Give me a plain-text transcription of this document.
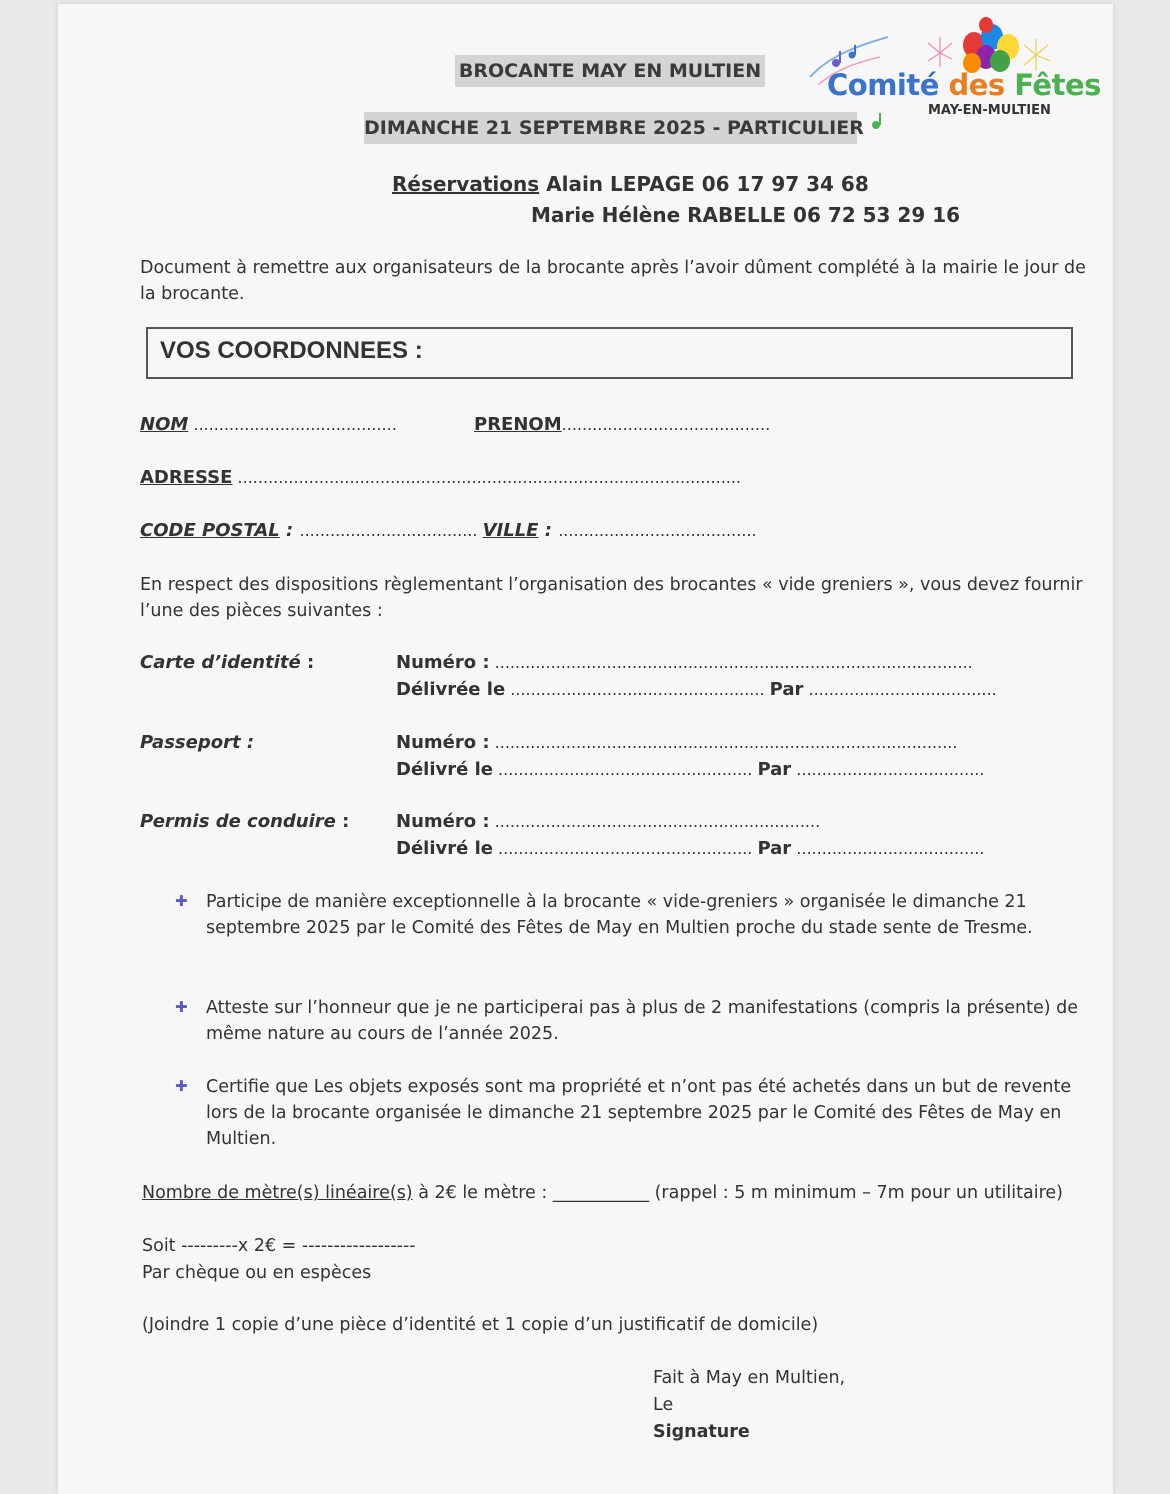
BROCANTE MAY EN MULTIEN
DIMANCHE 21 SEPTEMBRE 2025 - PARTICULIER
Comité des Fêtes
MAY-EN-MULTIEN
Réservations Alain LEPAGE 06 17 97 34 68
Marie Hélène RABELLE 06 72 53 29 16
Document à remettre aux organisateurs de la brocante après l’avoir dûment complété à la mairie le jour de la brocante.
VOS COORDONNEES :
NOM ........................................	PRENOM.........................................
ADRESSE ...................................................................................................
CODE POSTAL : ................................... VILLE : .......................................
En respect des dispositions règlementant l’organisation des brocantes « vide greniers », vous devez fournir l’une des pièces suivantes :
Carte d’identité :	Numéro : ..............................................................................................
Délivrée le .................................................. Par .....................................
Passeport :	Numéro : ...........................................................................................
Délivré le .................................................. Par .....................................
Permis de conduire :	Numéro : ................................................................
Délivré le .................................................. Par .....................................
✚ Participe de manière exceptionnelle à la brocante « vide-greniers » organisée le dimanche 21 septembre 2025 par le Comité des Fêtes de May en Multien proche du stade sente de Tresme.
✚ Atteste sur l’honneur que je ne participerai pas à plus de 2 manifestations (compris la présente) de même nature au cours de l’année 2025.
✚ Certifie que Les objets exposés sont ma propriété et n’ont pas été achetés dans un but de revente lors de la brocante organisée le dimanche 21 septembre 2025 par le Comité des Fêtes de May en Multien.
Nombre de mètre(s) linéaire(s) à 2€ le mètre : ___________ (rappel : 5 m minimum – 7m pour un utilitaire)
Soit ---------x 2€ = ------------------
Par chèque ou en espèces
(Joindre 1 copie d’une pièce d’identité et 1 copie d’un justificatif de domicile)
Fait à May en Multien,
Le
Signature
